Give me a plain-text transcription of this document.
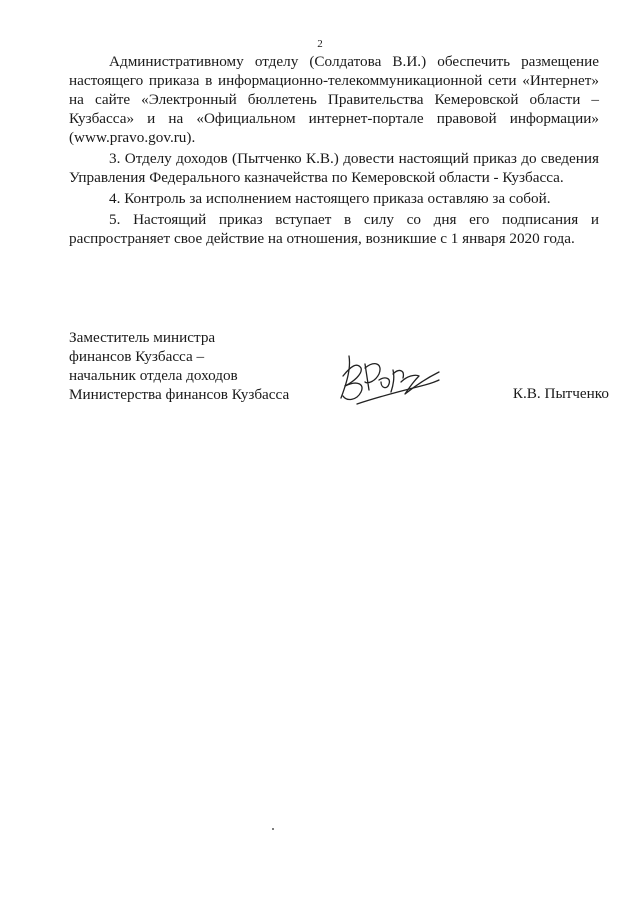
2

Административному отделу (Солдатова В.И.) обеспечить размещение настоящего приказа в информационно-телекоммуникационной сети «Интернет» на сайте «Электронный бюллетень Правительства Кемеровской области – Кузбасса» и на «Официальном интернет-портале правовой информации» (www.pravo.gov.ru).

3. Отделу доходов (Пытченко К.В.) довести настоящий приказ до сведения Управления Федерального казначейства по Кемеровской области - Кузбасса.

4. Контроль за исполнением настоящего приказа оставляю за собой.

5. Настоящий приказ вступает в силу со дня его подписания и распространяет свое действие на отношения, возникшие с 1 января 2020 года.

Заместитель министра
финансов Кузбасса –
начальник отдела доходов
Министерства финансов Кузбасса	К.В. Пытченко
